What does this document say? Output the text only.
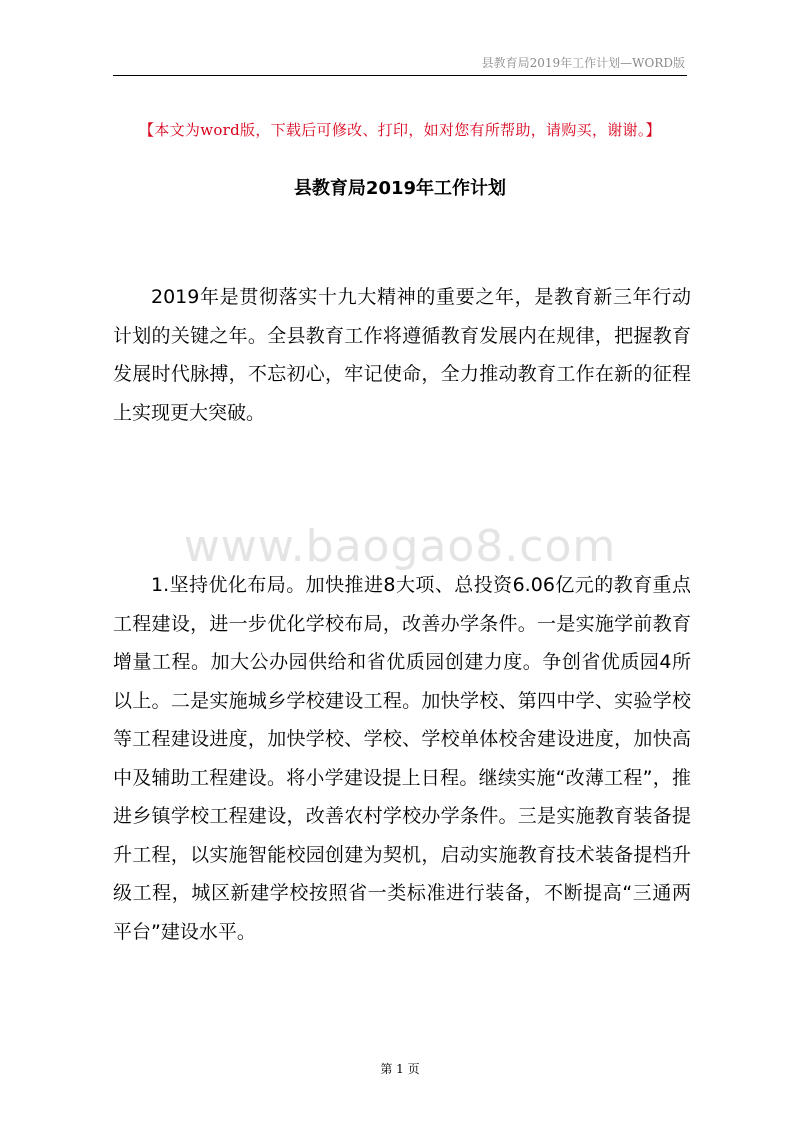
县教育局2019年工作计划—WORD版
【本文为word版，下载后可修改、打印，如对您有所帮助，请购买，谢谢。】
县教育局2019年工作计划

2019年是贯彻落实十九大精神的重要之年，是教育新三年行动计划的关键之年。全县教育工作将遵循教育发展内在规律，把握教育发展时代脉搏，不忘初心，牢记使命，全力推动教育工作在新的征程上实现更大突破。

www.baogao8.com

1.坚持优化布局。加快推进8大项、总投资6.06亿元的教育重点工程建设，进一步优化学校布局，改善办学条件。一是实施学前教育增量工程。加大公办园供给和省优质园创建力度。争创省优质园4所以上。二是实施城乡学校建设工程。加快学校、第四中学、实验学校等工程建设进度，加快学校、学校、学校单体校舍建设进度，加快高中及辅助工程建设。将小学建设提上日程。继续实施“改薄工程”，推进乡镇学校工程建设，改善农村学校办学条件。三是实施教育装备提升工程，以实施智能校园创建为契机，启动实施教育技术装备提档升级工程，城区新建学校按照省一类标准进行装备，不断提高“三通两平台”建设水平。

第 1 页
